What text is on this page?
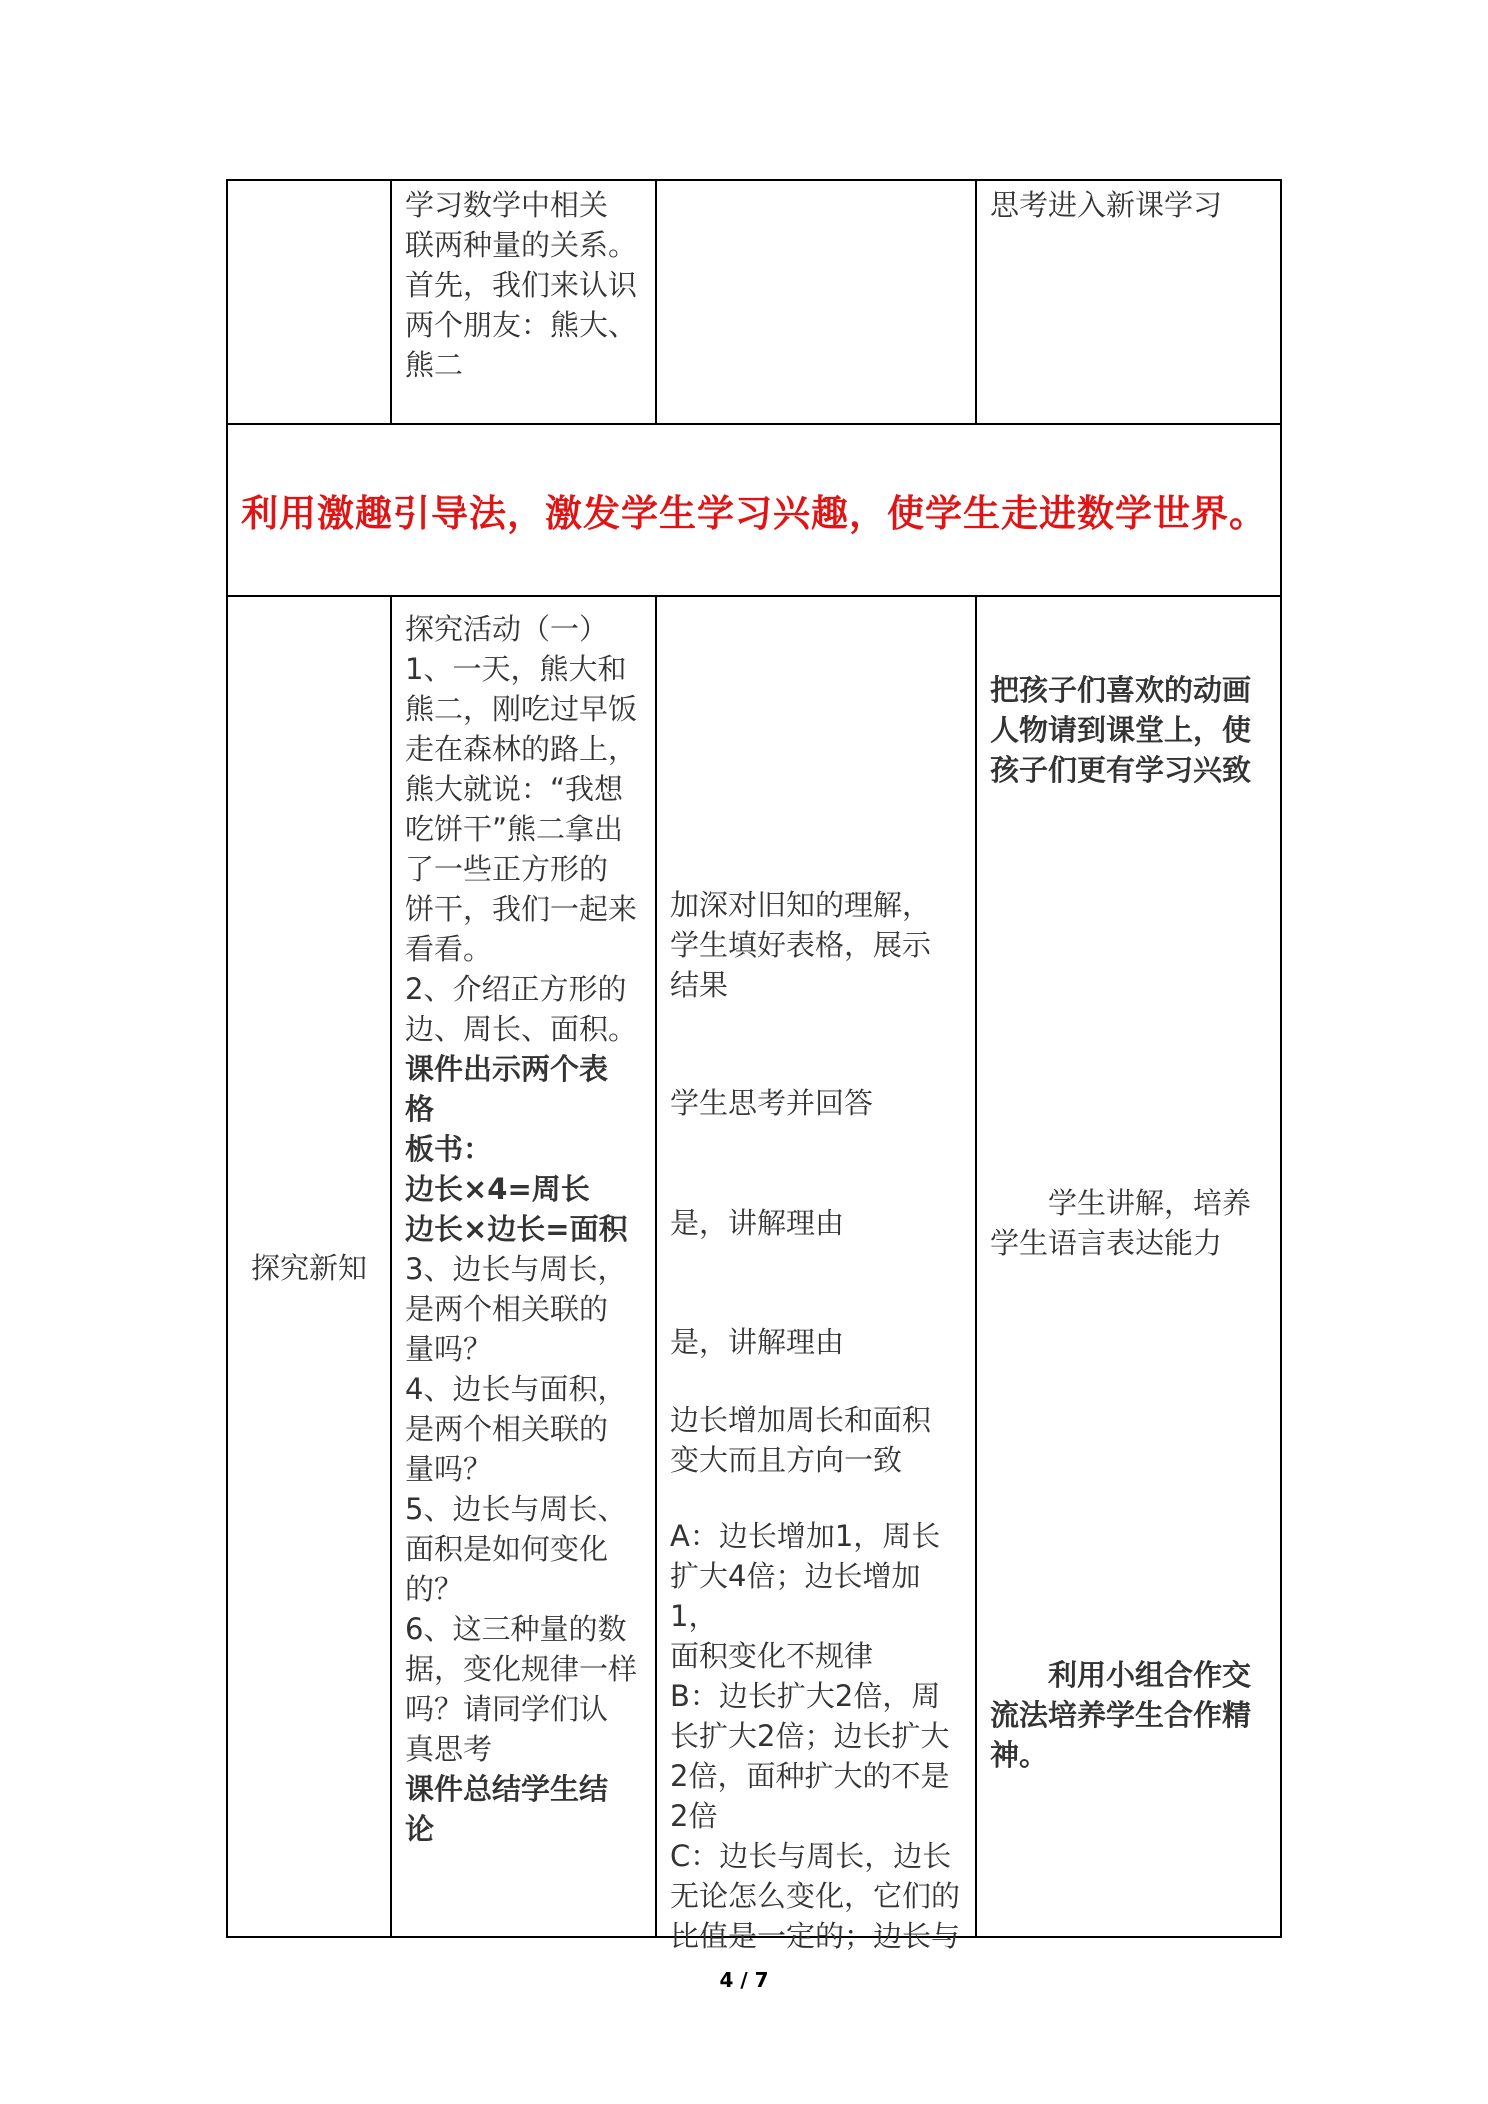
学习数学中相关

联两种量的关系。

首先，我们来认识

两个朋友：熊大、

熊二

思考进入新课学习

利用激趣引导法，激发学生学习兴趣，使学生走进数学世界。
探究新知

探究活动（一）

1、一天，熊大和

熊二，刚吃过早饭

走在森林的路上，

熊大就说：“我想

吃饼干”熊二拿出

了一些正方形的

饼干，我们一起来

看看。

2、介绍正方形的

边、周长、面积。

课件出示两个表

格

板书：

边长×4=周长

边长×边长=面积

3、边长与周长，

是两个相关联的

量吗？

4、边长与面积，

是两个相关联的

量吗？

5、边长与周长、

面积是如何变化

的？

6、这三种量的数

据，变化规律一样

吗？请同学们认

真思考

课件总结学生结

论

加深对旧知的理解，

学生填好表格，展示

结果

学生思考并回答

是，讲解理由

是，讲解理由

边长增加周长和面积

变大而且方向一致

A：边长增加1，周长

扩大4倍；边长增加1，

面积变化不规律

B：边长扩大2倍，周

长扩大2倍；边长扩大

2倍，面种扩大的不是

2倍

C：边长与周长，边长

无论怎么变化，它们的

比值是一定的；边长与

把孩子们喜欢的动画

人物请到课堂上，使

孩子们更有学习兴致

　　学生讲解，培养

学生语言表达能力

　　利用小组合作交

流法培养学生合作精

神。

4 / 7
